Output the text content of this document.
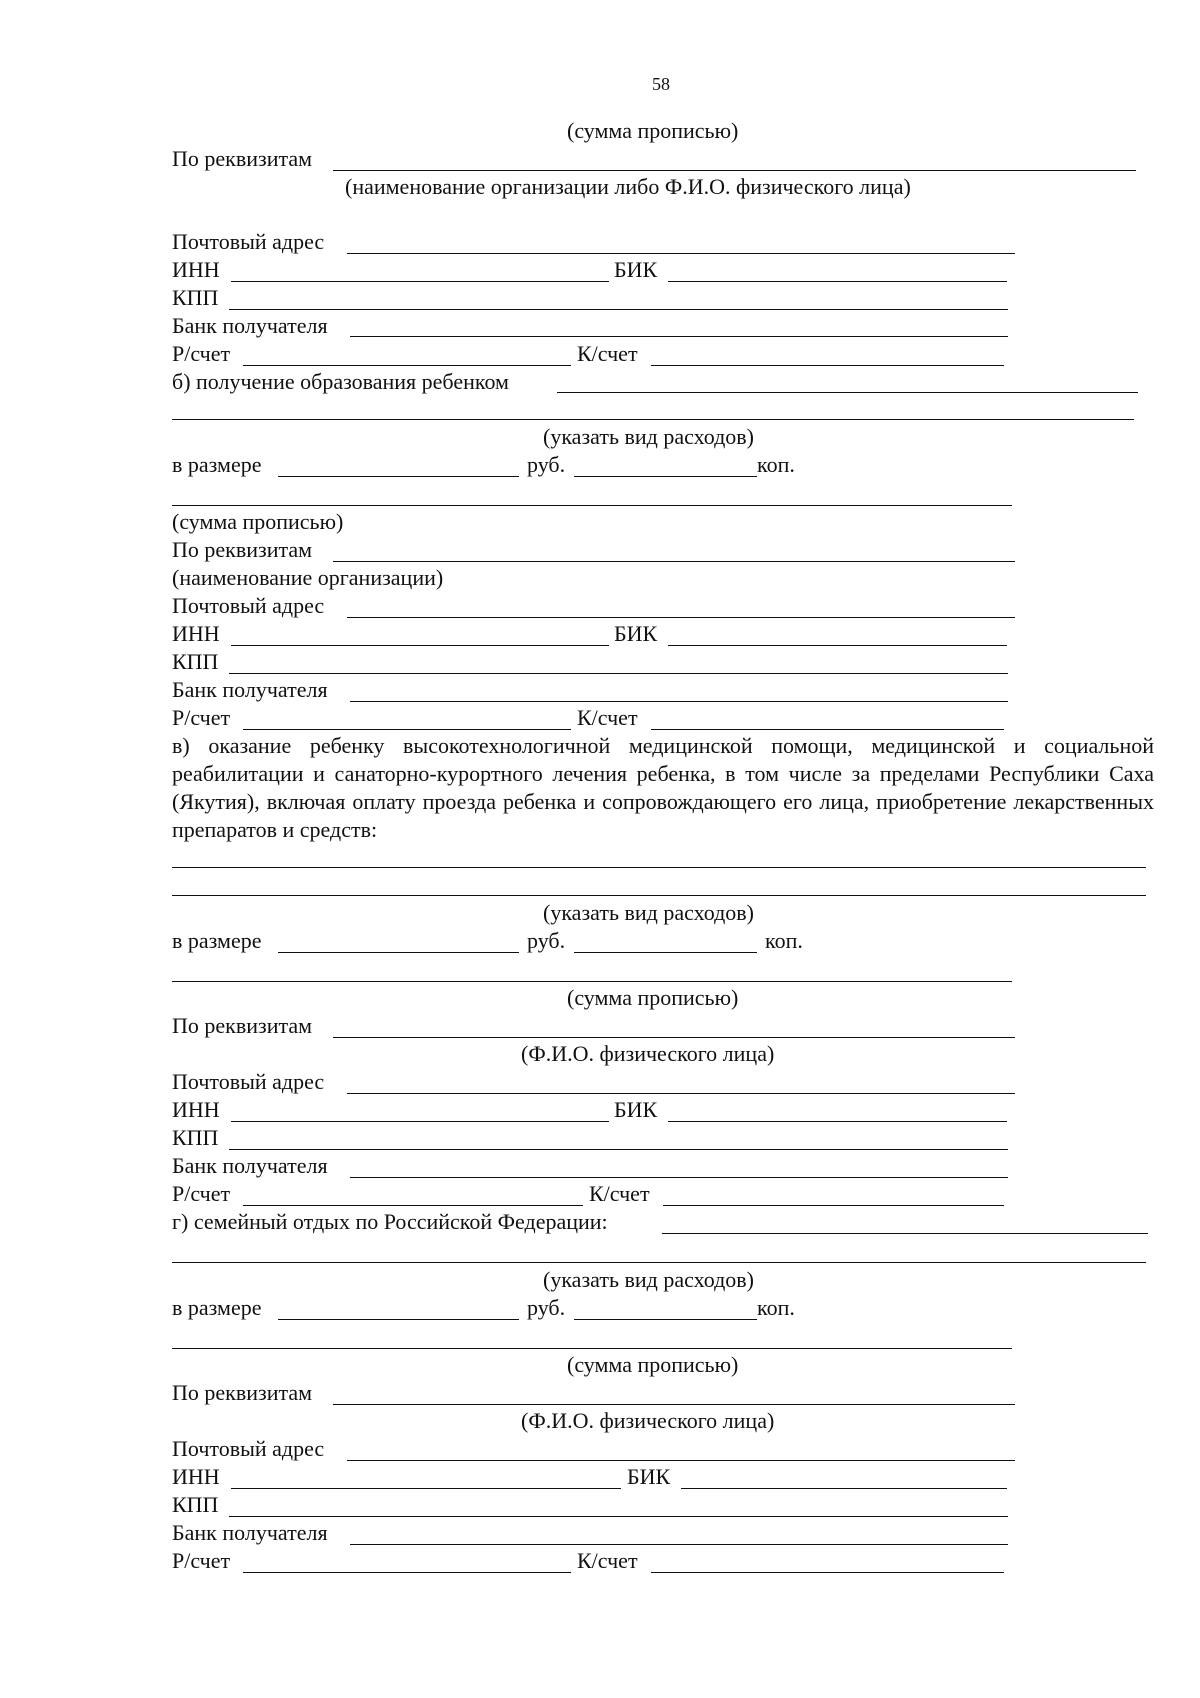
58
(сумма прописью)
По реквизитам
(наименование организации либо Ф.И.О. физического лица)
Почтовый адрес
ИНН	БИК
КПП
Банк получателя
Р/счет	К/счет
б) получение образования ребенком
(указать вид расходов)
в размере	руб.	коп.
(сумма прописью)
По реквизитам
(наименование организации)
Почтовый адрес
ИНН	БИК
КПП
Банк получателя
Р/счет	К/счет
в) оказание ребенку высокотехнологичной медицинской помощи, медицинской и социальной реабилитации и санаторно-курортного лечения ребенка, в том числе за пределами Республики Саха (Якутия), включая оплату проезда ребенка и сопровождающего его лица, приобретение лекарственных препаратов и средств:
(указать вид расходов)
в размере	руб.	коп.
(сумма прописью)
По реквизитам
(Ф.И.О. физического лица)
Почтовый адрес
ИНН	БИК
КПП
Банк получателя
Р/счет	К/счет
г) семейный отдых по Российской Федерации:
(указать вид расходов)
в размере	руб.	коп.
(сумма прописью)
По реквизитам
(Ф.И.О. физического лица)
Почтовый адрес
ИНН	БИК
КПП
Банк получателя
Р/счет	К/счет
